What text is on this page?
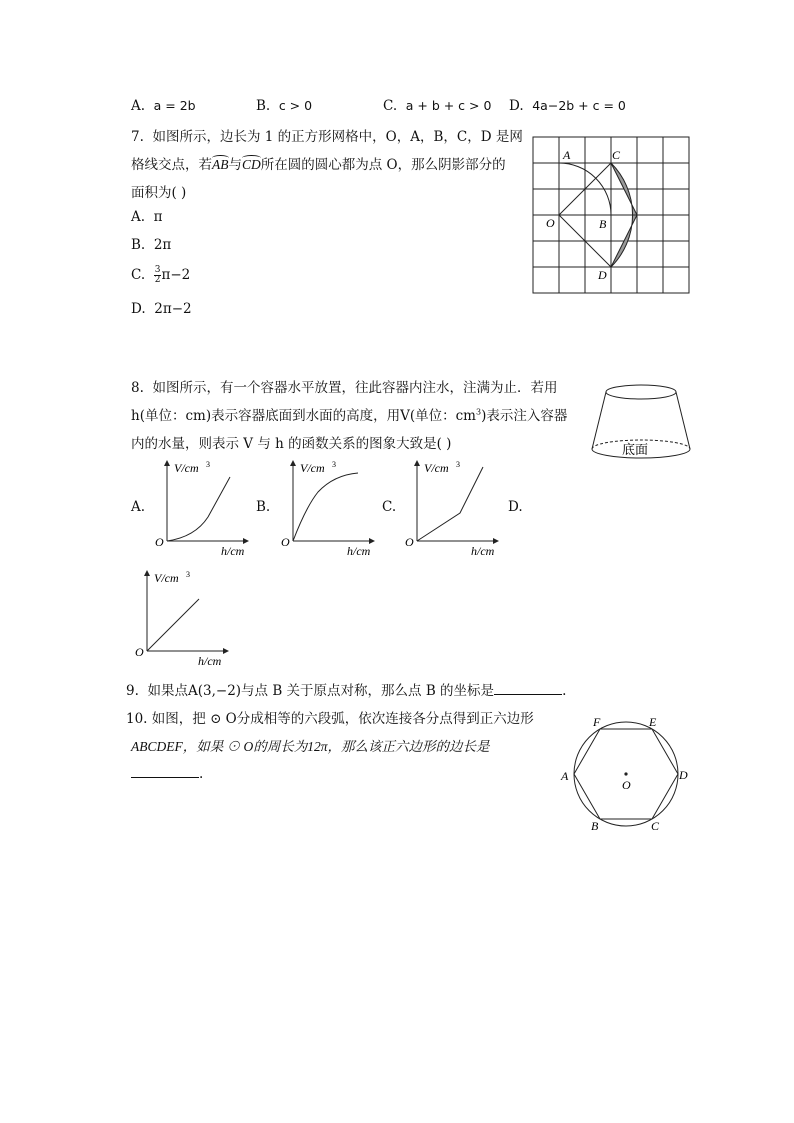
A. a = 2b	B. c > 0	C. a + b + c > 0 D. 4a−2b + c = 0
7. 如图所示，边长为 1 的正方形网格中，O，A，B，C，D 是网
格线交点，若AB与CD所在圆的圆心都为点 O，那么阴影部分的
面积为( )
A. π
B. 2π
C. $\frac{3}{2} \pi-2$
D. 2π−2
A	C
O	B
D
8. 如图所示，有一个容器水平放置，往此容器内注水，注满为止．若用
h(单位：cm)表示容器底面到水面的高度，用V(单位：$cm^3$)表示注入容器
内的水量，则表示 V 与 h 的函数关系的图象大致是( )	底面
A.	B.	C.	D.
V/cm 3
O
h/cm
V/cm 3
O
h/cm
V/cm 3
O
h/cm
V/cm 3
O
h/cm
9. 如果点A(3,−2)与点 B 关于原点对称，那么点 B 的坐标是	.
10. 如图，把 ⊙ O分成相等的六段弧，依次连接各分点得到正六边形
ABCDEF，如果 ⊙ O的周长为12π，那么该正六边形的边长是
.
F	E
A	D
O
B	C
